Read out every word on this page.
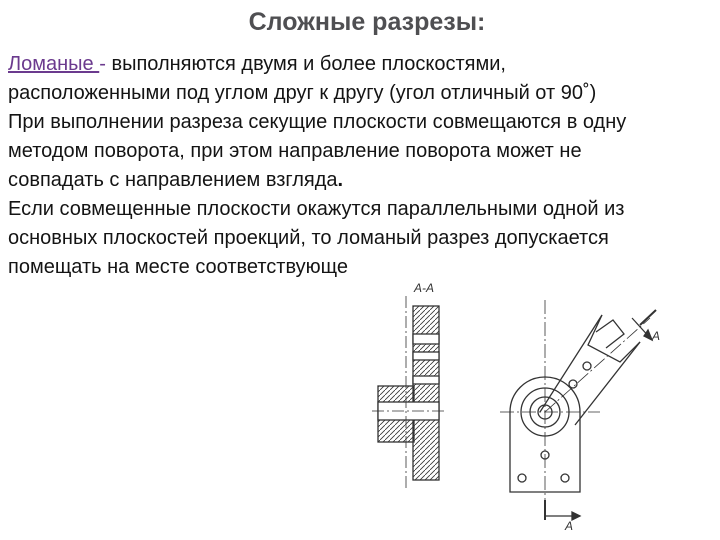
Сложные разрезы:

Ломаные - выполняются двумя и более плоскостями,

расположенными под углом друг к другу (угол отличный от 90˚)

При выполнении разреза секущие плоскости совмещаются в одну

методом поворота, при этом направление поворота может не

совпадать с направлением взгляда.

Если совмещенные плоскости окажутся параллельными одной из

основных плоскостей проекций, то ломаный разрез допускается

помещать на месте соответствующе

А-А
А
А
